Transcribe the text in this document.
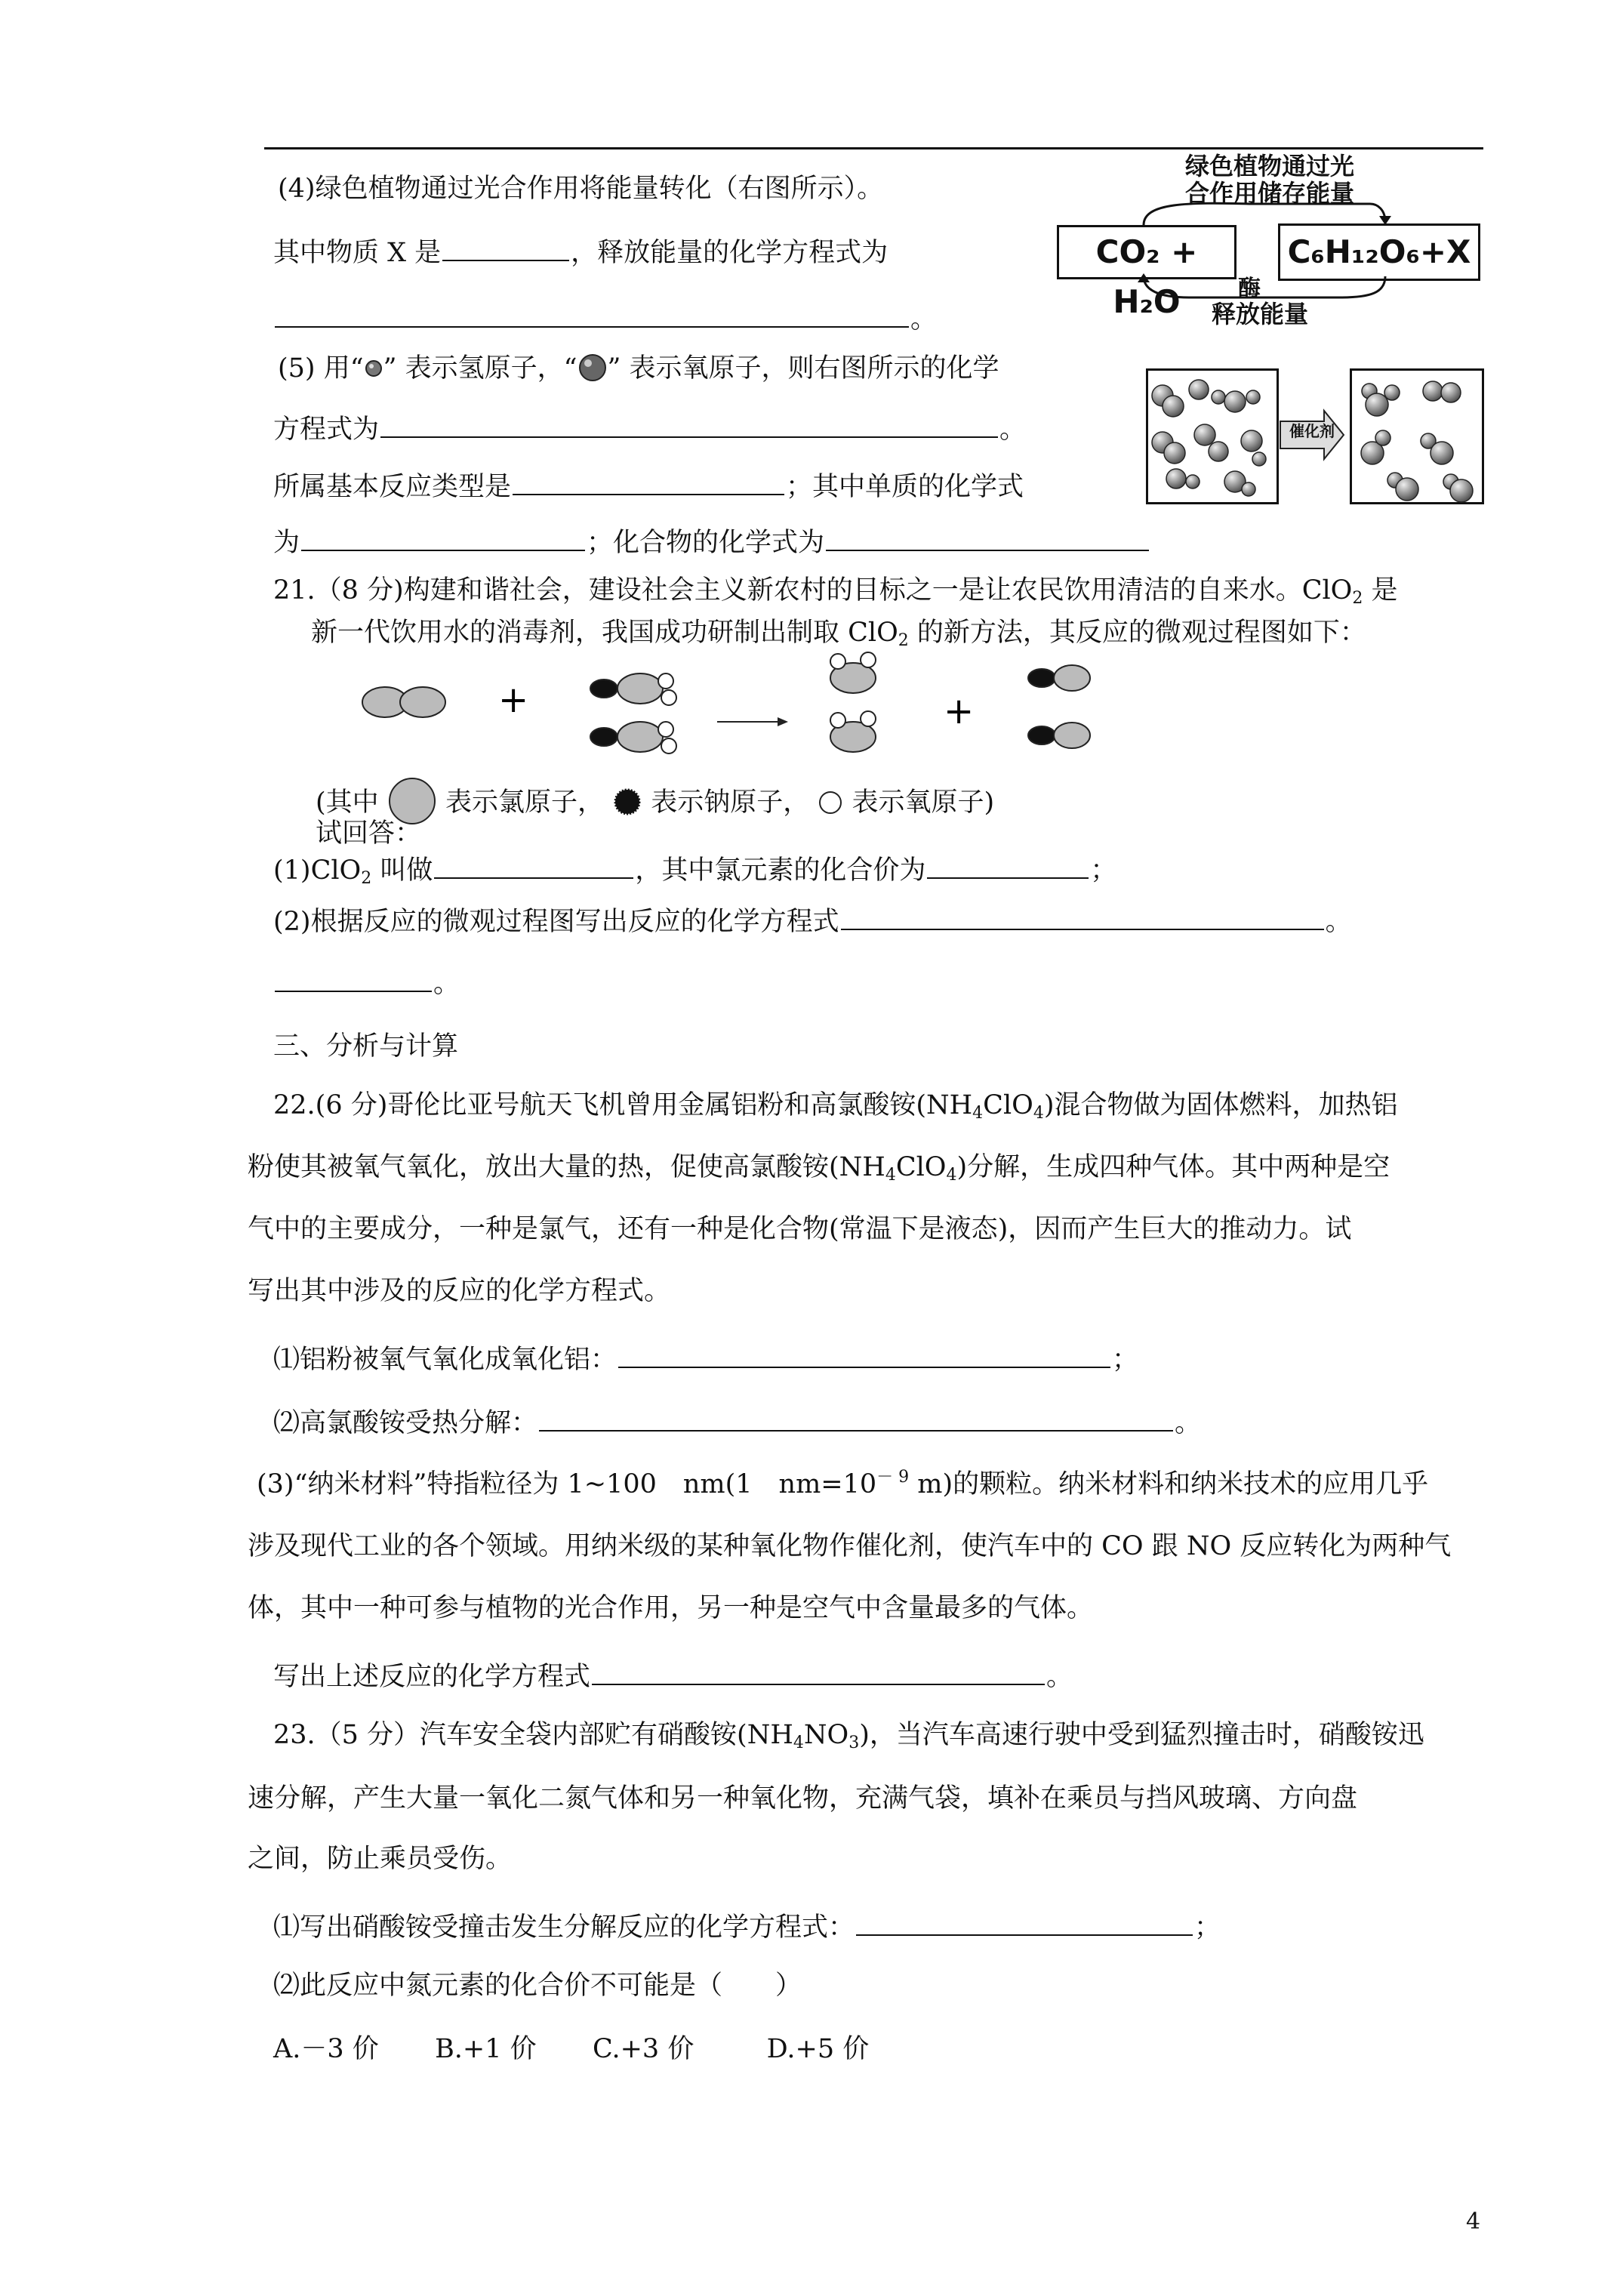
(4)绿色植物通过光合作用将能量转化（右图所示）。
其中物质 X 是	，释放能量的化学方程式为
。
绿色植物通过光
合作用储存能量
CO₂ + H₂O
C₆H₁₂O₆+X
酶
释放能量
(5) 用“ ” 表示氢原子，“ ” 表示氧原子，则右图所示的化学
方程式为	。
所属基本反应类型是	；其中单质的化学式
为	；化合物的化学式为
催化剂
21.（8 分)构建和谐社会，建设社会主义新农村的目标之一是让农民饮用清洁的自来水。ClO$_2$ 是
新一代饮用水的消毒剂，我国成功研制出制取 ClO$_2$ 的新方法，其反应的微观过程图如下：
+	+
(其中	表示氯原子， 表示钠原子， 表示氧原子)
试回答：
(1)ClO$_2$ 叫做	，其中氯元素的化合价为	；
(2)根据反应的微观过程图写出反应的化学方程式	。
。
三、分析与计算
22.(6 分)哥伦比亚号航天飞机曾用金属铝粉和高氯酸铵$(NH_4ClO_4)$混合物做为固体燃料，加热铝
粉使其被氧气氧化，放出大量的热，促使高氯酸铵$(NH_4ClO_4)$分解，生成四种气体。其中两种是空
气中的主要成分，一种是氯气，还有一种是化合物(常温下是液态)，因而产生巨大的推动力。试
写出其中涉及的反应的化学方程式。
⑴铝粉被氧气氧化成氧化铝：	；
⑵高氯酸铵受热分解：	。
(3)“纳米材料”特指粒径为 1~100　nm(1　$nm=10^{- 9}$ m)的颗粒。纳米材料和纳米技术的应用几乎
涉及现代工业的各个领域。用纳米级的某种氧化物作催化剂，使汽车中的 CO 跟 NO 反应转化为两种气
体，其中一种可参与植物的光合作用，另一种是空气中含量最多的气体。
写出上述反应的化学方程式	。
23.（5 分）汽车安全袋内部贮有硝酸铵$(NH_4NO_3)$，当汽车高速行驶中受到猛烈撞击时，硝酸铵迅
速分解，产生大量一氧化二氮气体和另一种氧化物，充满气袋，填补在乘员与挡风玻璃、方向盘
之间，防止乘员受伤。
⑴写出硝酸铵受撞击发生分解反应的化学方程式：	；
⑵此反应中氮元素的化合价不可能是（　　）
A.－3 价 B.+1 价 C.+3 价	D.+5 价
4
